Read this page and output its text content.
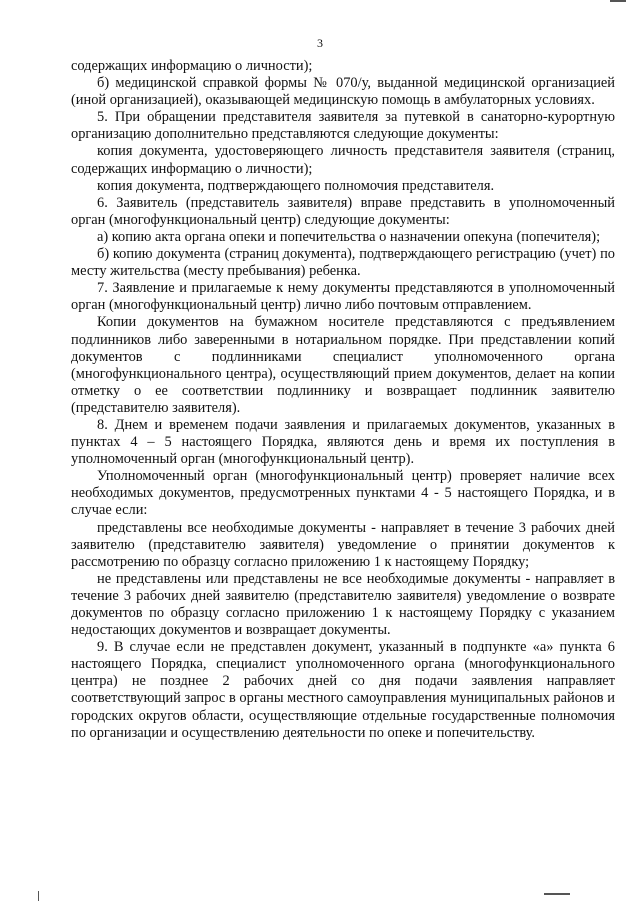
3

содержащих информацию о личности);

б) медицинской справкой формы № 070/у, выданной медицинской организацией (иной организацией), оказывающей медицинскую помощь в амбулаторных условиях.

5. При обращении представителя заявителя за путевкой в санаторно-курортную организацию дополнительно представляются следующие документы:

копия документа, удостоверяющего личность представителя заявителя (страниц, содержащих информацию о личности);

копия документа, подтверждающего полномочия представителя.

6. Заявитель (представитель заявителя) вправе представить в уполномоченный орган (многофункциональный центр) следующие документы:

а) копию акта органа опеки и попечительства о назначении опекуна (попечителя);

б) копию документа (страниц документа), подтверждающего регистрацию (учет) по месту жительства (месту пребывания) ребенка.

7. Заявление и прилагаемые к нему документы представляются в уполномоченный орган (многофункциональный центр) лично либо почтовым отправлением.

Копии документов на бумажном носителе представляются с предъявлением подлинников либо заверенными в нотариальном порядке. При представлении копий документов с подлинниками специалист уполномоченного органа (многофункционального центра), осуществляющий прием документов, делает на копии отметку о ее соответствии подлиннику и возвращает подлинник заявителю (представителю заявителя).

8. Днем и временем подачи заявления и прилагаемых документов, указанных в пунктах 4 – 5 настоящего Порядка, являются день и время их поступления в уполномоченный орган (многофункциональный центр).

Уполномоченный орган (многофункциональный центр) проверяет наличие всех необходимых документов, предусмотренных пунктами 4 - 5 настоящего Порядка, и в случае если:

представлены все необходимые документы - направляет в течение 3 рабочих дней заявителю (представителю заявителя) уведомление о принятии документов к рассмотрению по образцу согласно приложению 1 к настоящему Порядку;

не представлены или представлены не все необходимые документы - направляет в течение 3 рабочих дней заявителю (представителю заявителя) уведомление о возврате документов по образцу согласно приложению 1 к настоящему Порядку с указанием недостающих документов и возвращает документы.

9. В случае если не представлен документ, указанный в подпункте «а» пункта 6 настоящего Порядка, специалист уполномоченного органа (многофункционального центра) не позднее 2 рабочих дней со дня подачи заявления направляет соответствующий запрос в органы местного самоуправления муниципальных районов и городских округов области, осуществляющие отдельные государственные полномочия по организации и осуществлению деятельности по опеке и попечительству.
